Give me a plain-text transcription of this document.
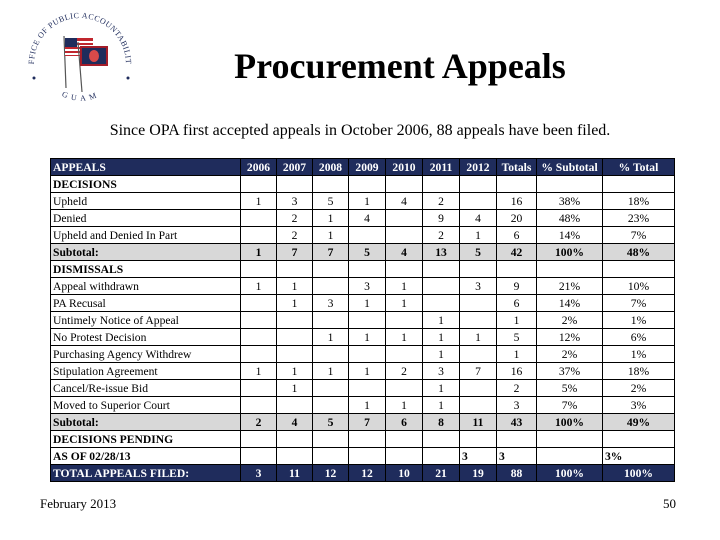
FFICE OF PUBLIC ACCOUNTABILIT
GUAM
Procurement Appeals
Since OPA first accepted appeals in October 2006, 88 appeals have been filed.
APPEALS	2006	2007	2008	2009	2010	2011	2012	Totals	% Subtotal	% Total
DECISIONS										
Upheld	1	3	5	1	4	2		16	38%	18%
Denied		2	1	4		9	4	20	48%	23%
Upheld and Denied In Part		2	1			2	1	6	14%	7%
Subtotal:	1	7	7	5	4	13	5	42	100%	48%
DISMISSALS										
Appeal withdrawn	1	1		3	1		3	9	21%	10%
PA Recusal		1	3	1	1			6	14%	7%
Untimely Notice of Appeal						1		1	2%	1%
No Protest Decision			1	1	1	1	1	5	12%	6%
Purchasing Agency Withdrew						1		1	2%	1%
Stipulation Agreement	1	1	1	1	2	3	7	16	37%	18%
Cancel/Re-issue Bid		1				1		2	5%	2%
Moved to Superior Court				1	1	1		3	7%	3%
Subtotal:	2	4	5	7	6	8	11	43	100%	49%
DECISIONS PENDING										
AS OF 02/28/13							3	3		3%
TOTAL APPEALS FILED:	3	11	12	12	10	21	19	88	100%	100%
February 2013	50
